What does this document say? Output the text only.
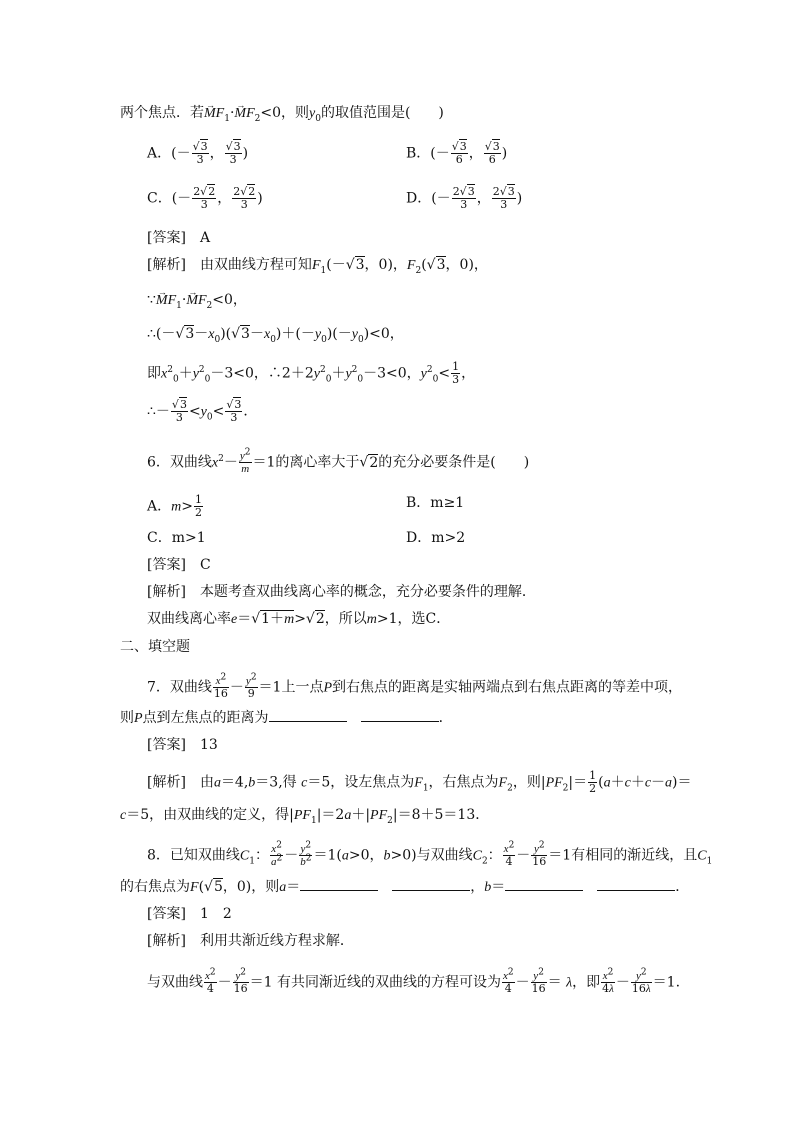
两个焦点．若→ $MF_1\cdot\to MF_2<0$，则$y_0$的取值范围是(　　)
A．(－ $\frac{√3}{3}$ ， $\frac{√3}{3}$ )	B．(－ $\frac{√3}{6}$ ， $\frac{√3}{6}$ )
C．(－ $\frac{2√2}{3}$ ， $\frac{2√2}{3}$ )	D．(－ $\frac{2√3}{3}$ ， $\frac{2√3}{3}$ )
[答案]　 A
[解析]　 由双曲线方程可知$F_1(-√3$，0)，$F_2(√3$，0)，
∵→ $MF_1\cdot\to MF_2<0$，
$\therefore(-√3-x_0)(√3-x_0)+(-y_0)(-y_0)<0$，
即$x^2_0+y^2_0-3<0$，$\therefore 2+2y^2_0+y^2_0-3<0$，$y^2_0< \frac{1}{3}$ ，
∴－ $\frac{√3}{3} <y_0< \frac{√3}{3}$ ．
6．双曲线$x^2- \frac{y^2}{m} =1$的离心率大于√2的充分必要条件是(　　)
A．$m> \frac{1}{2}$	B．m≥1
C．m>1	D．m>2
[答案]　 C
[解析]　 本题考查双曲线离心率的概念，充分必要条件的理解．
双曲线离心率e＝√1＋m>√2，所以m>1，选C．
二、填空题
7．双曲线 $\frac{x^2}{16} - \frac{y^2}{9} =1$上一点P到右焦点的距离是实轴两端点到右焦点距离的等差中项，
则P点到左焦点的距离为　	．
[答案]　 13
[解析]　 由a＝4,b＝3,得 c＝5，设左焦点为$F_1$，右焦点为$F_2$，则$|PF_2|= \frac{1}{2} (a+c+c-a)=$
c＝5，由双曲线的定义，得$|PF_1|=2a+|PF_2|=8+5=13$．
8．已知双曲线$C_1$： $\frac{x^2}{a^2} - \frac{y^2}{b^2} =1(a>0$，b>0)与双曲线$C_2$： $\frac{x^2}{4} - \frac{y^2}{16} =1$有相同的渐近线，且$C_1$
的右焦点为F(√5，0)，则a＝　	，b＝　	．
[答案]　 1　2
[解析]　 利用共渐近线方程求解．
与双曲线 $\frac{x^2}{4} - \frac{y^2}{16} =1$ 有共同渐近线的双曲线的方程可设为 $\frac{x^2}{4} - \frac{y^2}{16} = \lambda$，即 $\frac{x^2}{4\lambda} - \frac{y^2}{16\lambda} =1$.
